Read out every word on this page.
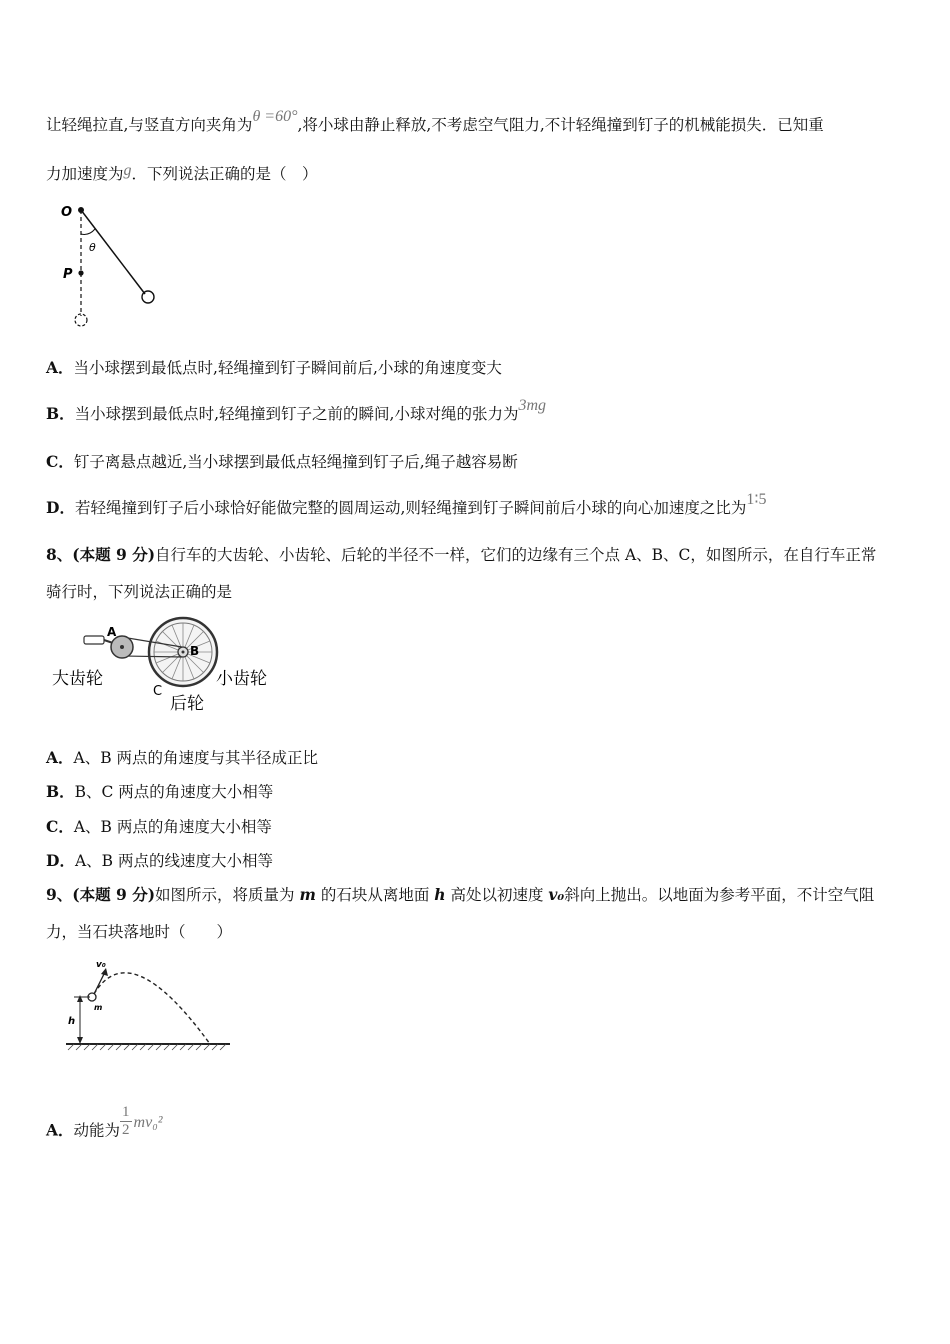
让轻绳拉直,与竖直方向夹角为θ =60°,将小球由静止释放,不考虑空气阻力,不计轻绳撞到钉子的机械能损失．已知重
力加速度为g．下列说法正确的是（　）
O
θ
P
A．当小球摆到最低点时,轻绳撞到钉子瞬间前后,小球的角速度变大
B．当小球摆到最低点时,轻绳撞到钉子之前的瞬间,小球对绳的张力为3mg
C．钉子离悬点越近,当小球摆到最低点轻绳撞到钉子后,绳子越容易断
D．若轻绳撞到钉子后小球恰好能做完整的圆周运动,则轻绳撞到钉子瞬间前后小球的向心加速度之比为1∶5
8、(本题 9 分)自行车的大齿轮、小齿轮、后轮的半径不一样，它们的边缘有三个点 A、B、C，如图所示，在自行车正常
骑行时，下列说法正确的是
A
B
C
大齿轮	小齿轮
后轮
A．A、B 两点的角速度与其半径成正比
B．B、C 两点的角速度大小相等
C．A、B 两点的角速度大小相等
D．A、B 两点的线速度大小相等
9、(本题 9 分)如图所示，将质量为 m 的石块从离地面 h 高处以初速度 v₀斜向上抛出。以地面为参考平面，不计空气阻
力，当石块落地时（　　）
h
m
v₀
A．动能为 $\frac{1}{2} mv_0^2$
